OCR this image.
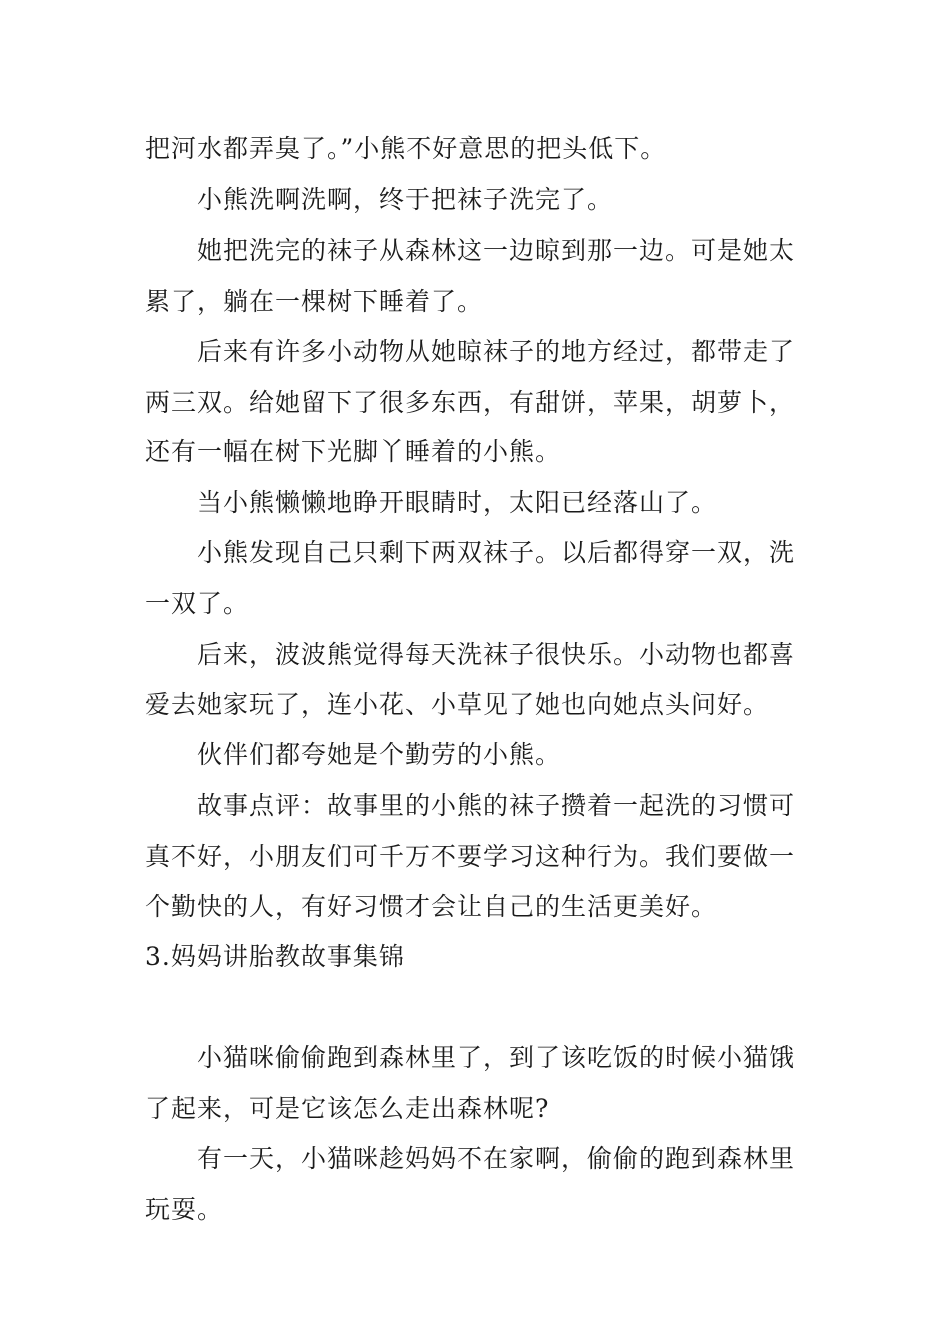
把河水都弄臭了。”小熊不好意思的把头低下。
小熊洗啊洗啊，终于把袜子洗完了。
她把洗完的袜子从森林这一边晾到那一边。可是她太
累了，躺在一棵树下睡着了。
后来有许多小动物从她晾袜子的地方经过，都带走了
两三双。给她留下了很多东西，有甜饼，苹果，胡萝卜，
还有一幅在树下光脚丫睡着的小熊。
当小熊懒懒地睁开眼睛时，太阳已经落山了。
小熊发现自己只剩下两双袜子。以后都得穿一双，洗
一双了。
后来，波波熊觉得每天洗袜子很快乐。小动物也都喜
爱去她家玩了，连小花、小草见了她也向她点头问好。
伙伴们都夸她是个勤劳的小熊。
故事点评：故事里的小熊的袜子攒着一起洗的习惯可
真不好，小朋友们可千万不要学习这种行为。我们要做一
个勤快的人，有好习惯才会让自己的生活更美好。
3.妈妈讲胎教故事集锦
小猫咪偷偷跑到森林里了，到了该吃饭的时候小猫饿
了起来，可是它该怎么走出森林呢?
有一天，小猫咪趁妈妈不在家啊，偷偷的跑到森林里
玩耍。
